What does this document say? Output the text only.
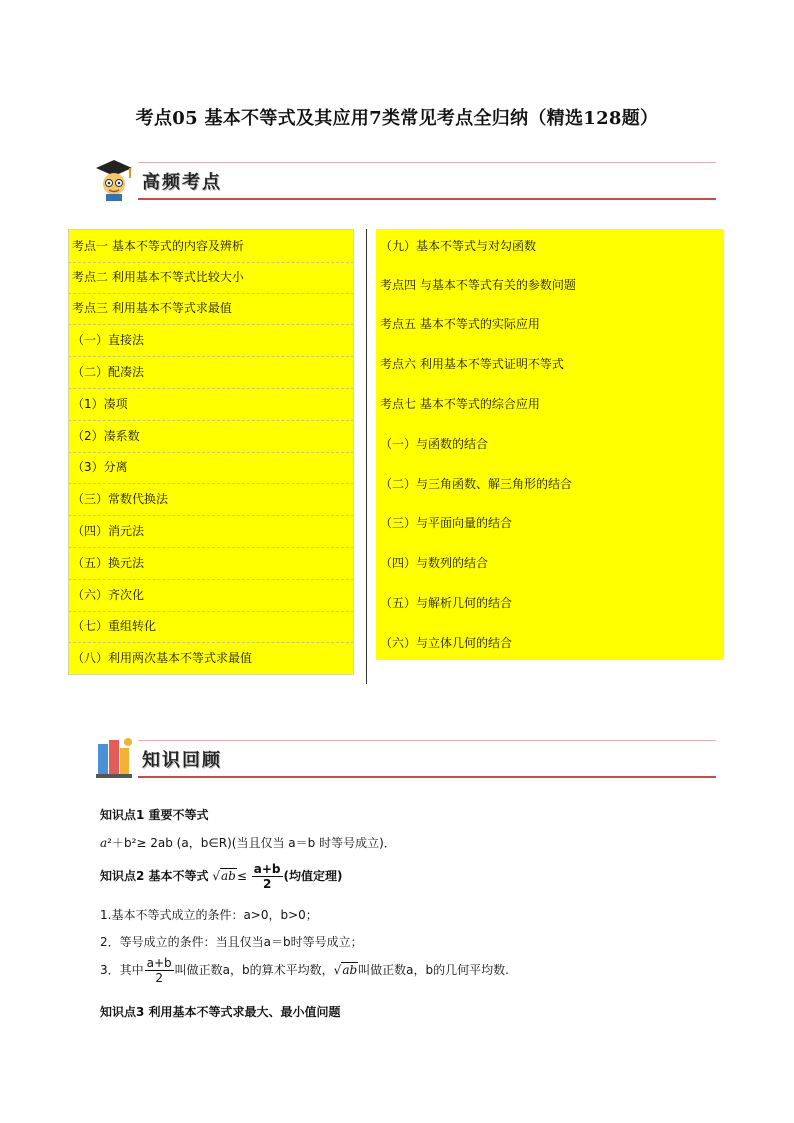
考点05 基本不等式及其应用7类常见考点全归纳（精选128题）
高频考点
考点一 基本不等式的内容及辨析
考点二 利用基本不等式比较大小
考点三 利用基本不等式求最值
（一）直接法
（二）配凑法
（1）凑项
（2）凑系数
（3）分离
（三）常数代换法
（四）消元法
（五）换元法
（六）齐次化
（七）重组转化
（八）利用两次基本不等式求最值
（九）基本不等式与对勾函数
考点四 与基本不等式有关的参数问题
考点五 基本不等式的实际应用
考点六 利用基本不等式证明不等式
考点七 基本不等式的综合应用
（一）与函数的结合
（二）与三角函数、解三角形的结合
（三）与平面向量的结合
（四）与数列的结合
（五）与解析几何的结合
（六）与立体几何的结合
知识回顾
知识点1 重要不等式
a²＋b²≥ 2ab (a，b∈R)(当且仅当 a＝b 时等号成立)．
知识点2 基本不等式 $√ab\le \frac{a+b}{2}$ (均值定理)
1.基本不等式成立的条件：a>0，b>0；
2．等号成立的条件：当且仅当a＝b时等号成立；
3．其中 $\frac{a+b}{2}$ 叫做正数a，b的算术平均数，√ab叫做正数a，b的几何平均数.
知识点3 利用基本不等式求最大、最小值问题
